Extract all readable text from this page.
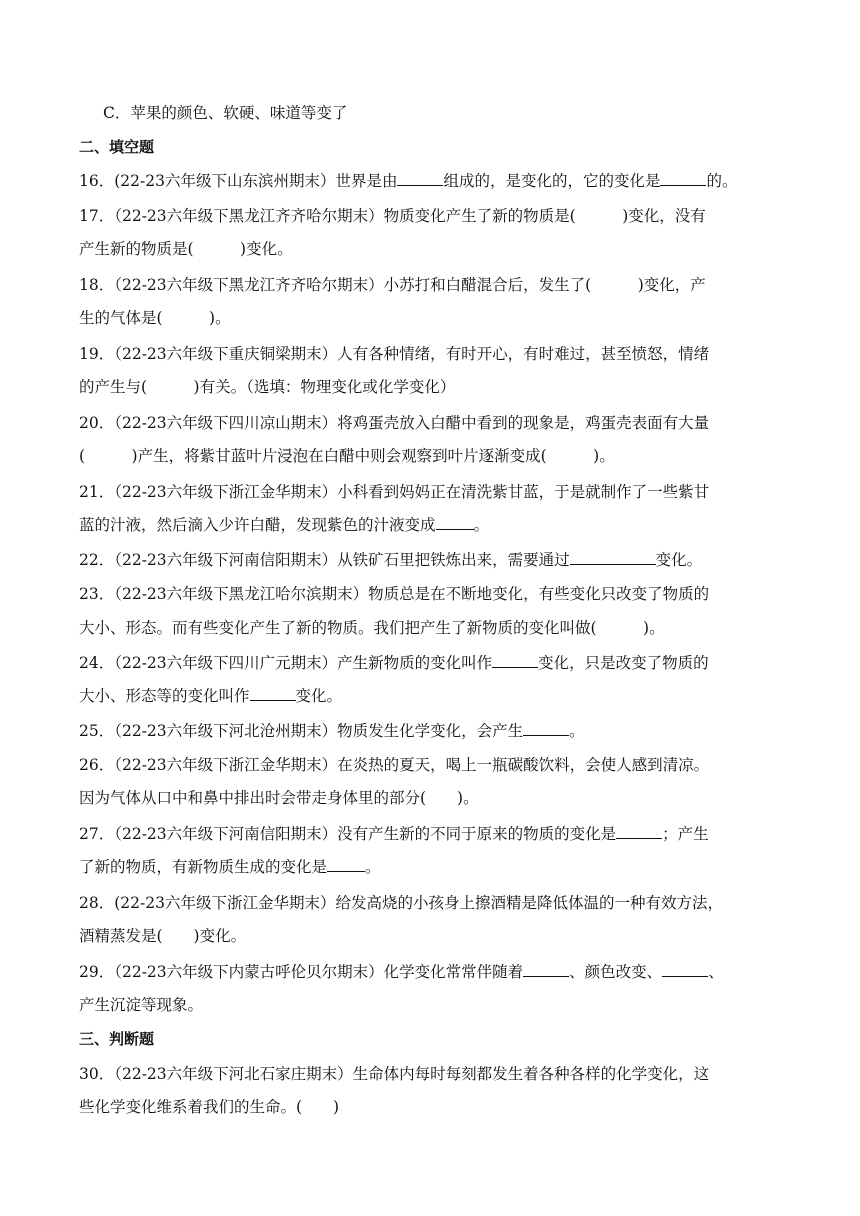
C．苹果的颜色、软硬、味道等变了
二、填空题
16．(22-23六年级下山东滨州期末）世界是由	组成的，是变化的，它的变化是	的。
17．（22-23六年级下黑龙江齐齐哈尔期末）物质变化产生了新的物质是(　　　)变化，没有
产生新的物质是(　　　)变化。
18．（22-23六年级下黑龙江齐齐哈尔期末）小苏打和白醋混合后，发生了(　　　)变化，产
生的气体是(　　　)。
19．（22-23六年级下重庆铜梁期末）人有各种情绪，有时开心，有时难过，甚至愤怒，情绪
的产生与(　　　)有关。（选填：物理变化或化学变化）
20．（22-23六年级下四川凉山期末）将鸡蛋壳放入白醋中看到的现象是，鸡蛋壳表面有大量
(　　　)产生，将紫甘蓝叶片浸泡在白醋中则会观察到叶片逐渐变成(　　　)。
21．（22-23六年级下浙江金华期末）小科看到妈妈正在清洗紫甘蓝，于是就制作了一些紫甘
蓝的汁液，然后滴入少许白醋，发现紫色的汁液变成 。
22．（22-23六年级下河南信阳期末）从铁矿石里把铁炼出来，需要通过	变化。
23．（22-23六年级下黑龙江哈尔滨期末）物质总是在不断地变化，有些变化只改变了物质的
大小、形态。而有些变化产生了新的物质。我们把产生了新物质的变化叫做(　　　)。
24．（22-23六年级下四川广元期末）产生新物质的变化叫作	变化，只是改变了物质的
大小、形态等的变化叫作	变化。
25．（22-23六年级下河北沧州期末）物质发生化学变化，会产生	。
26．（22-23六年级下浙江金华期末）在炎热的夏天，喝上一瓶碳酸饮料，会使人感到清凉。
因为气体从口中和鼻中排出时会带走身体里的部分(　　)。
27．（22-23六年级下河南信阳期末）没有产生新的不同于原来的物质的变化是	；产生
了新的物质，有新物质生成的变化是 。
28．(22-23六年级下浙江金华期末）给发高烧的小孩身上擦酒精是降低体温的一种有效方法，
酒精蒸发是(　　)变化。
29．（22-23六年级下内蒙古呼伦贝尔期末）化学变化常常伴随着	、颜色改变、	、
产生沉淀等现象。
三、判断题
30．（22-23六年级下河北石家庄期末）生命体内每时每刻都发生着各种各样的化学变化，这
些化学变化维系着我们的生命。(　　)
